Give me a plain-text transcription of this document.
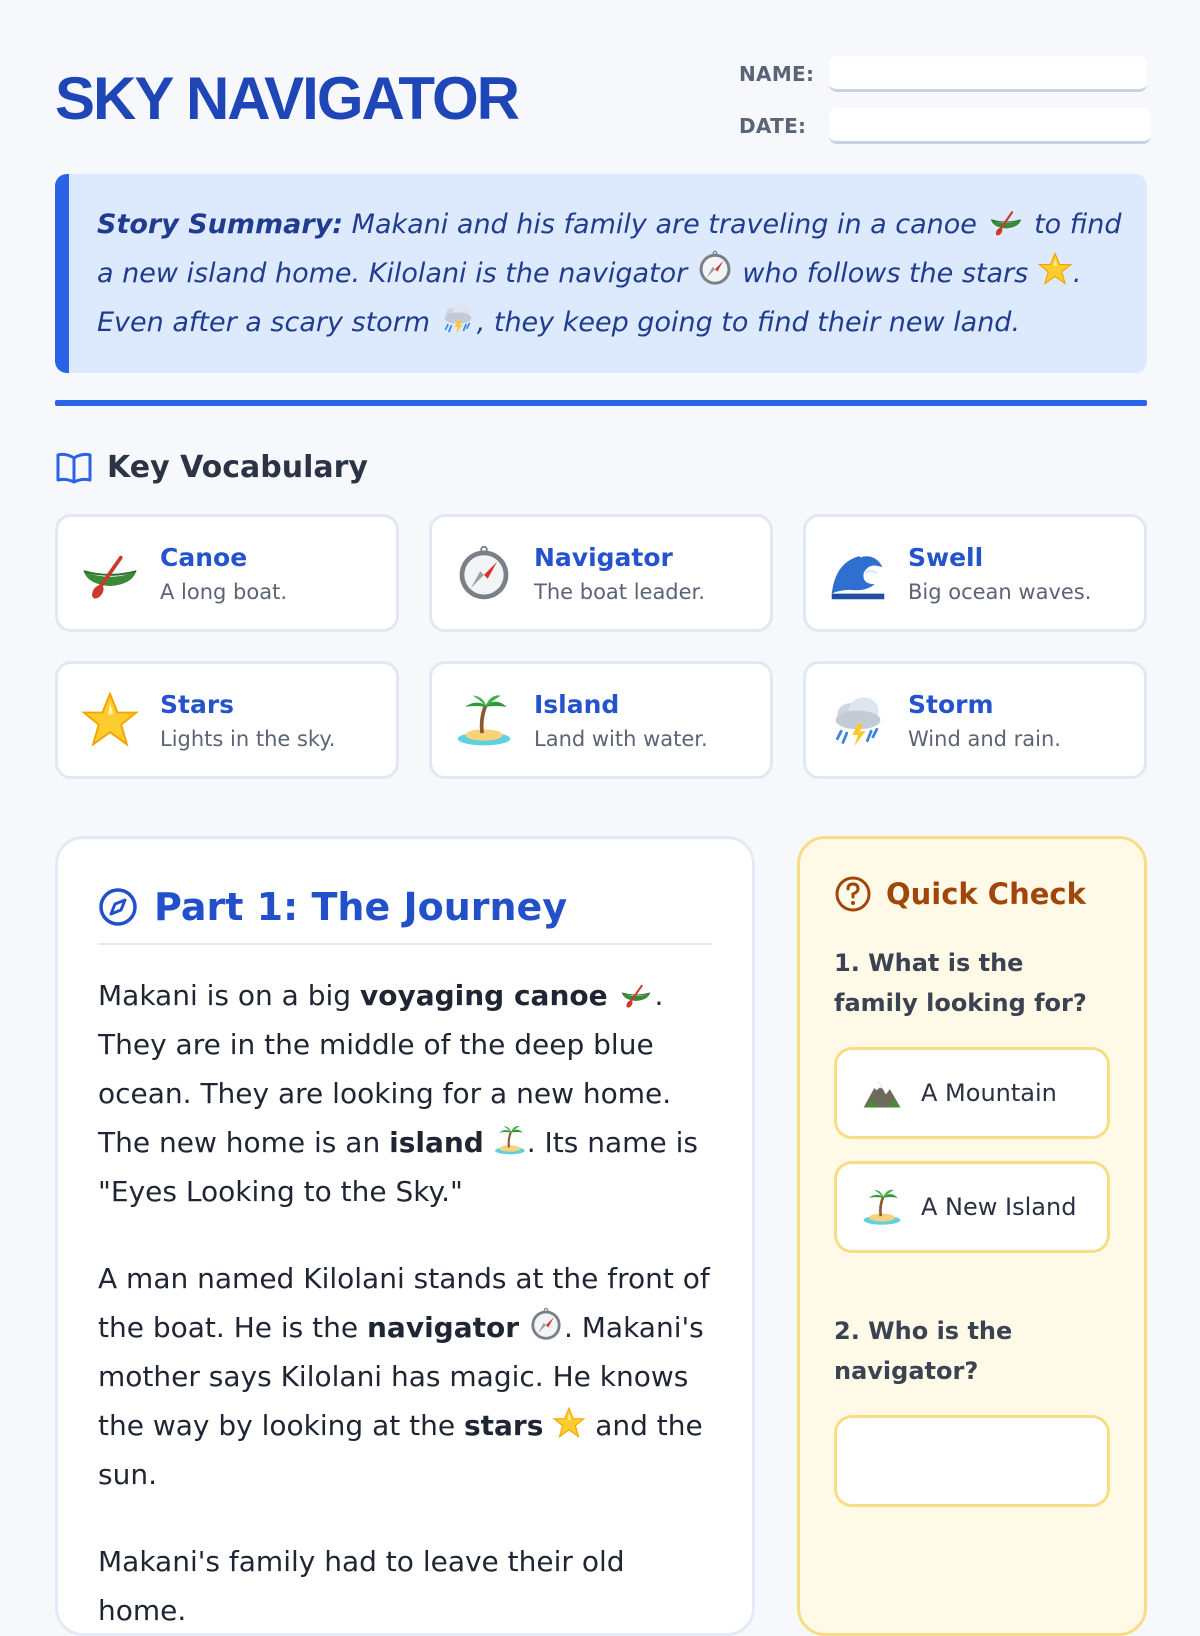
SKY NAVIGATOR	NAME:
DATE:
Story Summary: Makani and his family are traveling in a canoe  to find a new island home. Kilolani is the navigator  who follows the stars . Even after a scary storm , they keep going to find their new land.
Key Vocabulary
Canoe
A long boat.
Navigator
The boat leader.
Swell
Big ocean waves.
Stars
Lights in the sky.
Island
Land with water.
Storm
Wind and rain.
Part 1: The Journey

Makani is on a big voyaging canoe . They are in the middle of the deep blue ocean. They are looking for a new home. The new home is an island . Its name is "Eyes Looking to the Sky."

A man named Kilolani stands at the front of the boat. He is the navigator . Makani's mother says Kilolani has magic. He knows the way by looking at the stars  and the sun.

Makani's family had to leave their old home.

Quick Check
1. What is the family looking for?
A Mountain
A New Island
2. Who is the navigator?
